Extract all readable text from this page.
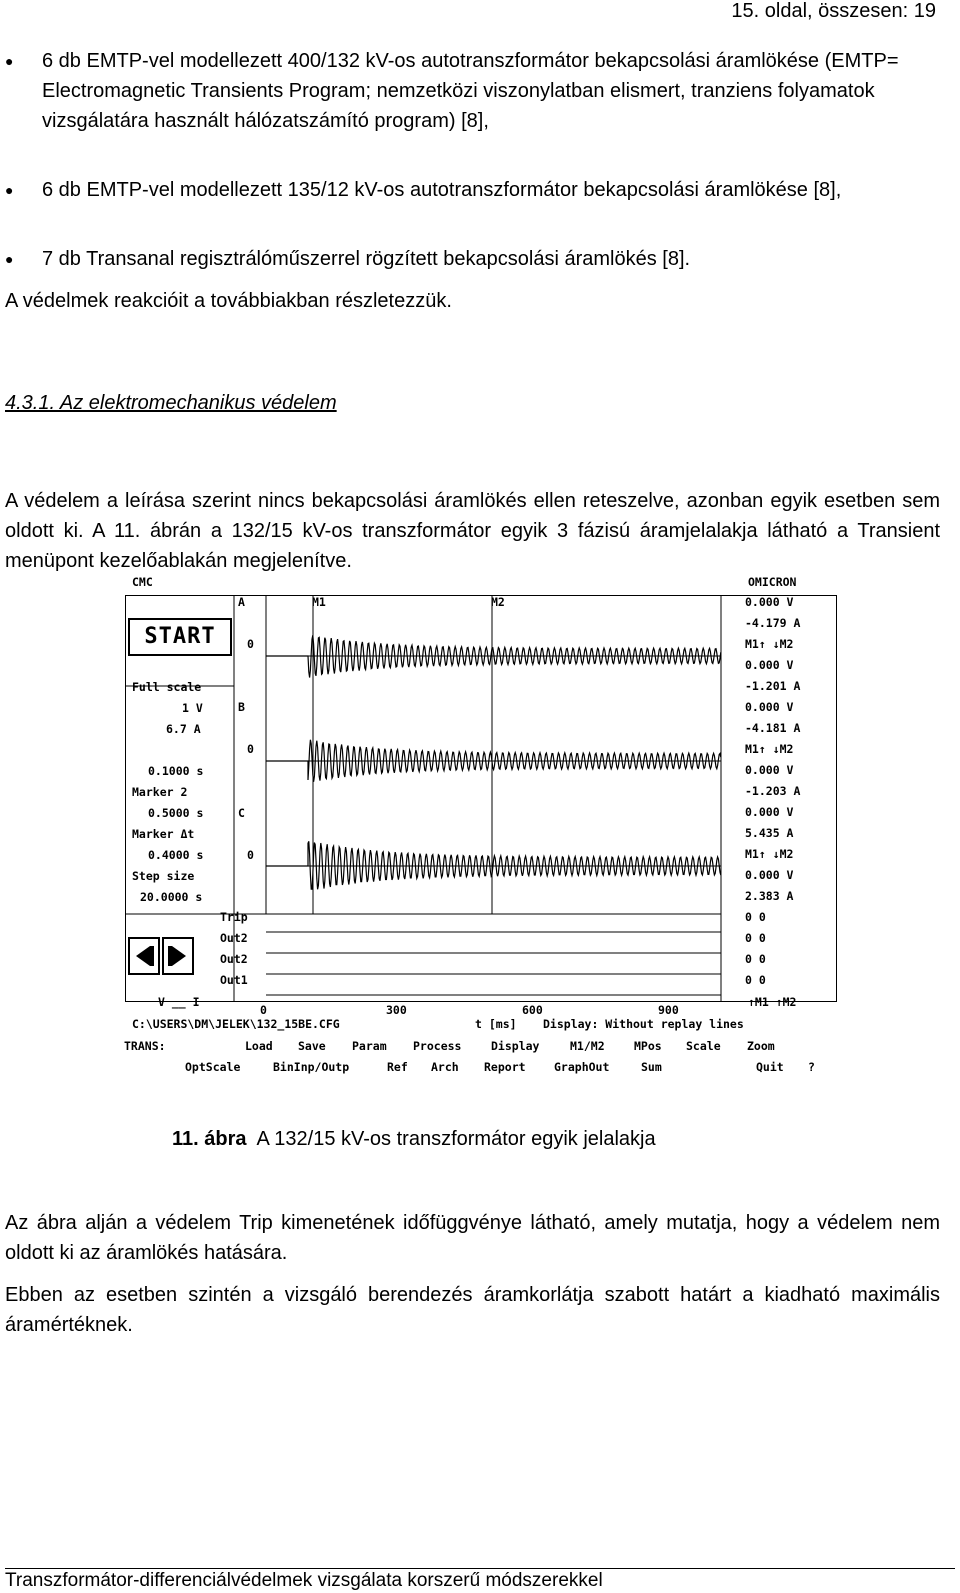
15. oldal, összesen: 19
● 6 db EMTP-vel modellezett 400/132 kV-os autotranszformátor bekapcsolási áramlökése (EMTP= Electromagnetic Transients Program; nemzetközi viszonylatban elismert, tranziens folyamatok vizsgálatára használt hálózatszámító program) [8],
● 6 db EMTP-vel modellezett 135/12 kV-os autotranszformátor bekapcsolási áramlökése [8],
● 7 db Transanal regisztrálóműszerrel rögzített bekapcsolási áramlökés [8].
A védelmek reakcióit a továbbiakban részletezzük.
4.3.1. Az elektromechanikus védelem
A védelem a leírása szerint nincs bekapcsolási áramlökés ellen reteszelve, azonban egyik esetben sem oldott ki. A 11. ábrán a 132/15 kV-os transzformátor egyik 3 fázisú áramjelalakja látható a Transient menüpont kezelőablakán megjelenítve.
CMC	OMICRON
START
Full scale
1 V
6.7 A
0.1000 s
Marker 2
0.5000 s
Marker Δt
0.4000 s
Step size
20.0000 s
A
0
B
0
C
0
M1	M2
Trip
Out2
Out2
Out1
0.000 V
-4.179 A
M1↑ ↓M2
0.000 V
-1.201 A
0.000 V
-4.181 A
M1↑ ↓M2
0.000 V
-1.203 A
0.000 V
5.435 A
M1↑ ↓M2
0.000 V
2.383 A
0 0
0 0
0 0
0 0
V __ I
0	300	600	900
↑M1 ↑M2
C:\USERS\DM\JELEK\132_15BE.CFG	t [ms] Display: Without replay lines
TRANS:	Load Save Param Process	Display	M1/M2	MPos Scale Zoom
OptScale	BinInp/Outp	Ref Arch Report GraphOut	Sum	Quit ?
11. ábra A 132/15 kV-os transzformátor egyik jelalakja
Az ábra alján a védelem Trip kimenetének időfüggvénye látható, amely mutatja, hogy a védelem nem oldott ki az áramlökés hatására.
Ebben az esetben szintén a vizsgáló berendezés áramkorlátja szabott határt a kiadható maximális áramértéknek.
Transzformátor-differenciálvédelmek vizsgálata korszerű módszerekkel
